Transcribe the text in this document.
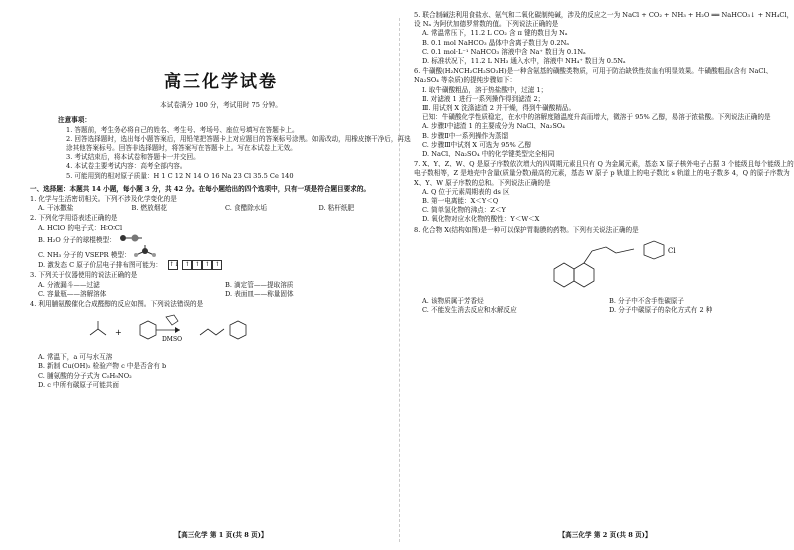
高三化学试卷
本试卷满分 100 分，考试用时 75 分钟。
注意事项：
1. 答题前，考生务必将自己的姓名、考生号、考场号、座位号填写在答题卡上。
2. 回答选择题时，选出每小题答案后，用铅笔把答题卡上对应题目的答案标号涂黑。如需改动，用橡皮擦干净后，再选涂其他答案标号。回答非选择题时，将答案写在答题卡上。写在本试卷上无效。
3. 考试结束后，将本试卷和答题卡一并交回。
4. 本试卷主要考试内容：高考全部内容。
5. 可能用到的相对原子质量：H 1 C 12 N 14 O 16 Na 23 Cl 35.5 Ce 140
一、选择题：本题共 14 小题，每小题 3 分，共 42 分。在每小题给出的四个选项中，只有一项是符合题目要求的。
1. 化学与生活密切相关。下列不涉及化学变化的是
A. 干冰撒盐	B. 燃放烟花	C. 食醋除水垢	D. 粘杆纸肥
2. 下列化学用语表述正确的是
A. HClO 的电子式：H∶O∶Cl
B. H₂O 分子的球棍模型：
C. NH₃ 分子的 VSEPR 模型：
D. 激发态 C 原子价层电子排布图可能为： ↑↓ ↑ ↑ ↑ ↑
3. 下列关于仪器使用的说法正确的是
A. 分液漏斗——过滤	B. 滴定管——提取溶质
C. 容量瓶——溶解溶体	D. 表面皿——称量固体
4. 利用脯氨酸催化合成醛醇的反应如图。下列说法错误的是
+
DMSO
A. 常温下，a 可与水互溶
B. 新制 Cu(OH)₂ 检验产物 c 中是否含有 b
C. 脯氨酸的分子式为 C₅H₉NO₂
D. c 中所有碳原子可能共面
【高三化学 第 1 页(共 8 页)】
5. 联合制碱法利用食盐水、氨气和二氧化碳制纯碱，涉及的反应之一为 NaCl + CO₂ + NH₃ + H₂O ══ NaHCO₃↓ + NH₄Cl，设 Nₐ 为阿伏加德罗常数的值。下列说法正确的是
A. 常温常压下，11.2 L CO₂ 含 π 键的数目为 Nₐ
B. 0.1 mol NaHCO₃ 晶体中含离子数目为 0.2Nₐ
C. 0.1 mol·L⁻¹ NaHCO₃ 溶液中含 Na⁺ 数目为 0.1Nₐ
D. 标准状况下，11.2 L NH₃ 通入水中，溶液中 NH₄⁺ 数目为 0.5Nₐ
6. 牛磺酸(H₂NCH₂CH₂SO₃H)是一种含氨基的磺酸类物质，可用于防治缺铁性贫血有明显效果。牛磺酸粗品(含有 NaCl、Na₂SO₄ 等杂质)的提纯步骤如下：
Ⅰ. 取牛磺酸粗品，溶于热盐酸中，过滤 1；
Ⅱ. 对滤液 1 进行一系列操作得到滤渣 2；
Ⅲ. 用试剂 X 洗涤滤渣 2 并干燥，得到牛磺酸精品。
已知：牛磺酸化学性质稳定，在水中的溶解度随温度升高而增大，微溶于 95% 乙醇，易溶于浓盐酸。下列说法正确的是
A. 步骤Ⅰ中滤渣 1 的主要成分为 NaCl、Na₂SO₄
B. 步骤Ⅱ中一系列操作为蒸馏
C. 步骤Ⅲ中试剂 X 可选为 95% 乙醇
D. NaCl、Na₂SO₄ 中的化学键类型完全相同
7. X、Y、Z、W、Q 是原子序数依次增大的四周期元素且只有 Q 为金属元素，基态 X 原子核外电子占据 3 个能级且每个能级上的电子数相等，Z 是地壳中含量(质量分数)最高的元素，基态 W 原子 p 轨道上的电子数比 s 轨道上的电子数多 4，Q 的原子序数为 X、Y、W 原子序数的总和。下列说法正确的是
A. Q 位于元素周期表的 ds 区
B. 第一电离能：X＜Y＜Q
C. 简单氢化物的沸点：Z＜Y
D. 氧化物对应水化物的酸性：Y＜W＜X
8. 化合物 X(结构如图)是一种可以保护胃黏膜的药物。下列有关说法正确的是
Cl
A. 该物质属于芳香烃	B. 分子中不含手性碳原子
C. 不能发生消去反应和水解反应	D. 分子中碳原子的杂化方式有 2 种
【高三化学 第 2 页(共 8 页)】
